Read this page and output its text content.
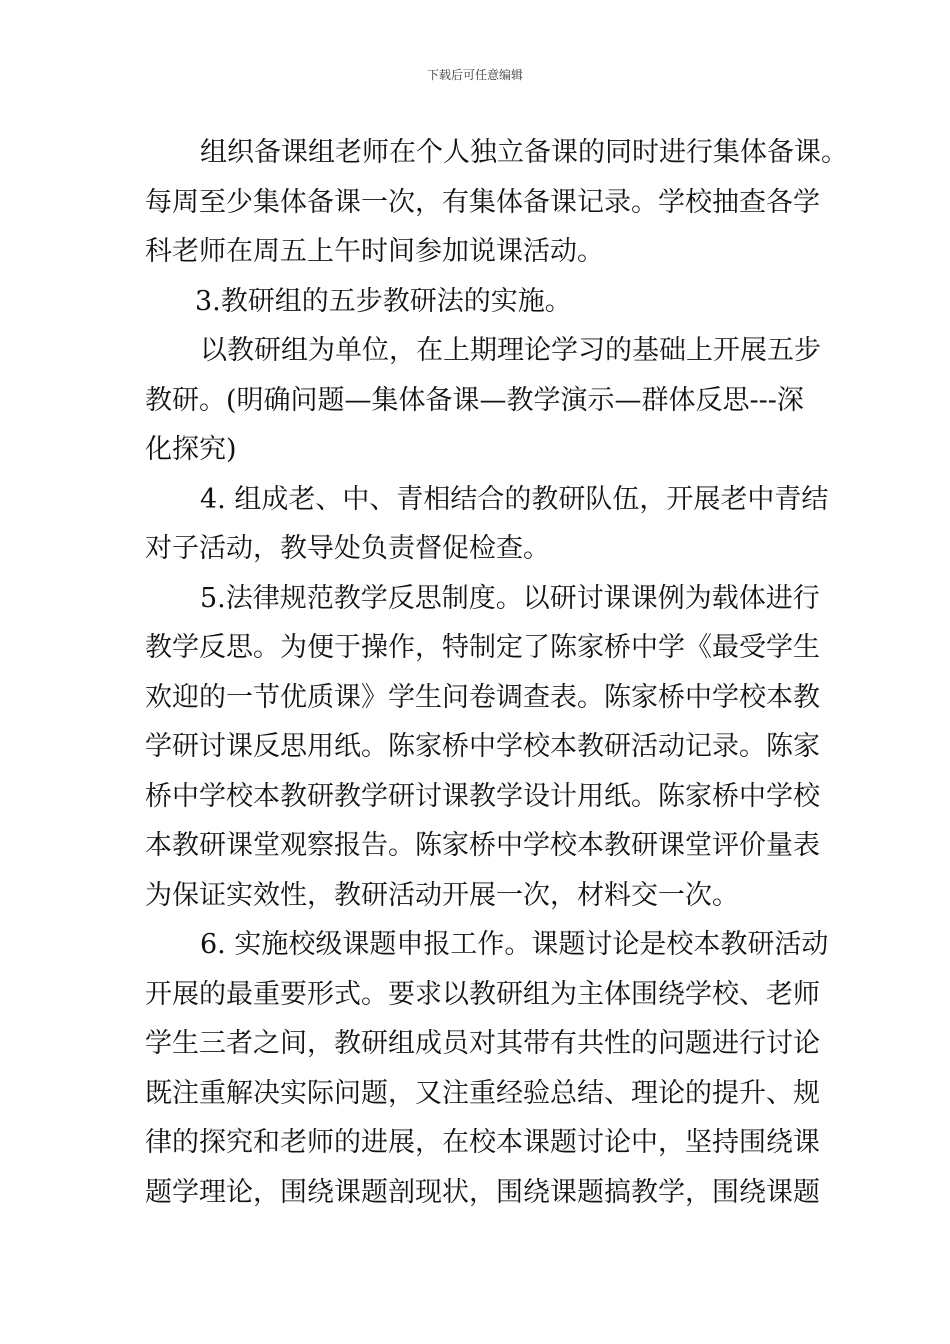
下载后可任意编辑
组织备课组老师在个人独立备课的同时进行集体备课。
每周至少集体备课一次，有集体备课记录。学校抽查各学
科老师在周五上午时间参加说课活动。
3.教研组的五步教研法的实施。
以教研组为单位，在上期理论学习的基础上开展五步
教研。(明确问题—集体备课—教学演示—群体反思---深
化探究)
4. 组成老、中、青相结合的教研队伍，开展老中青结
对子活动，教导处负责督促检查。
5.法律规范教学反思制度。以研讨课课例为载体进行
教学反思。为便于操作，特制定了陈家桥中学《最受学生
欢迎的一节优质课》学生问卷调查表。陈家桥中学校本教
学研讨课反思用纸。陈家桥中学校本教研活动记录。陈家
桥中学校本教研教学研讨课教学设计用纸。陈家桥中学校
本教研课堂观察报告。陈家桥中学校本教研课堂评价量表
为保证实效性，教研活动开展一次，材料交一次。
6. 实施校级课题申报工作。课题讨论是校本教研活动
开展的最重要形式。要求以教研组为主体围绕学校、老师
学生三者之间，教研组成员对其带有共性的问题进行讨论
既注重解决实际问题，又注重经验总结、理论的提升、规
律的探究和老师的进展，在校本课题讨论中，坚持围绕课
题学理论，围绕课题剖现状，围绕课题搞教学，围绕课题
